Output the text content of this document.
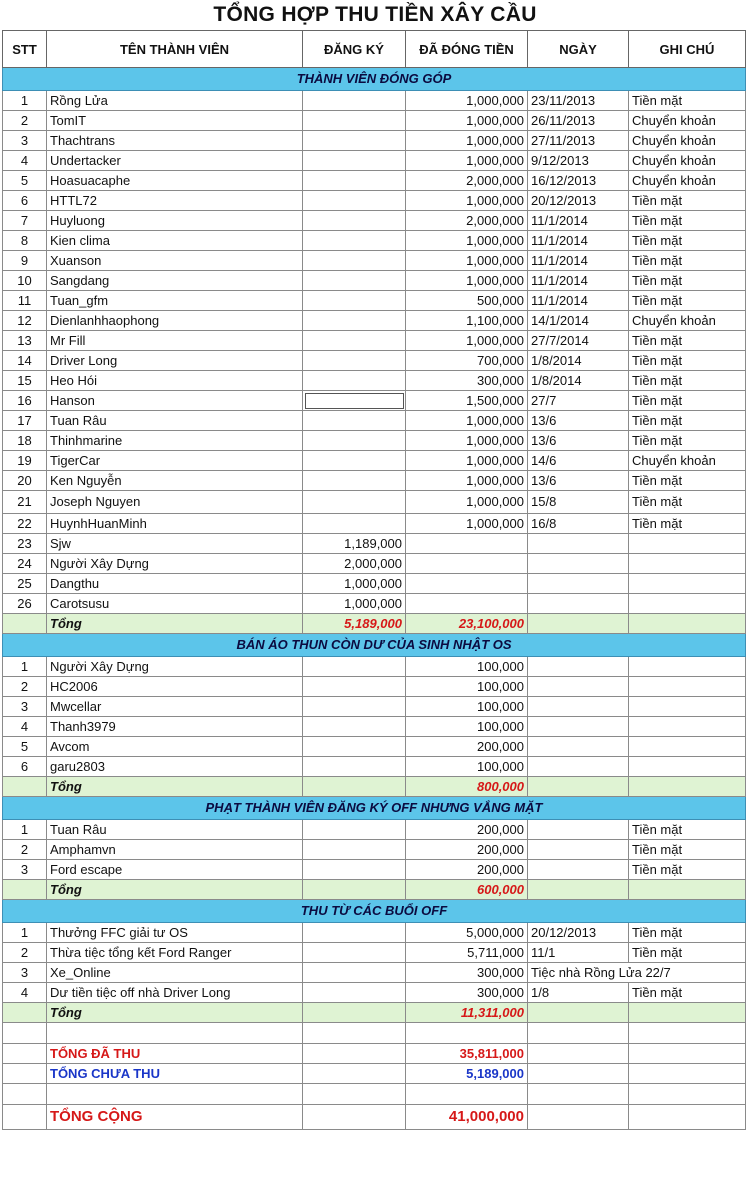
TỔNG HỢP THU TIỀN XÂY CẦU
STT	TÊN THÀNH VIÊN	ĐĂNG KÝ	ĐÃ ĐÓNG TIỀN	NGÀY	GHI CHÚ
THÀNH VIÊN ĐÓNG GÓP					
1	Rồng Lửa		1,000,000	23/11/2013	Tiền mặt
2	TomIT		1,000,000	26/11/2013	Chuyển khoản
3	Thachtrans		1,000,000	27/11/2013	Chuyển khoản
4	Undertacker		1,000,000	9/12/2013	Chuyển khoản
5	Hoasuacaphe		2,000,000	16/12/2013	Chuyển khoản
6	HTTL72		1,000,000	20/12/2013	Tiền mặt
7	Huyluong		2,000,000	11/1/2014	Tiền mặt
8	Kien clima		1,000,000	11/1/2014	Tiền mặt
9	Xuanson		1,000,000	11/1/2014	Tiền mặt
10	Sangdang		1,000,000	11/1/2014	Tiền mặt
11	Tuan_gfm		500,000	11/1/2014	Tiền mặt
12	Dienlanhhaophong		1,100,000	14/1/2014	Chuyển khoản
13	Mr Fill		1,000,000	27/7/2014	Tiền mặt
14	Driver Long		700,000	1/8/2014	Tiền mặt
15	Heo Hói		300,000	1/8/2014	Tiền mặt
16	Hanson		1,500,000	27/7	Tiền mặt
17	Tuan Râu		1,000,000	13/6	Tiền mặt
18	Thinhmarine		1,000,000	13/6	Tiền mặt
19	TigerCar		1,000,000	14/6	Chuyển khoản
20	Ken Nguyễn		1,000,000	13/6	Tiền mặt
21	Joseph Nguyen		1,000,000	15/8	Tiền mặt
22	HuynhHuanMinh		1,000,000	16/8	Tiền mặt
23	Sjw	1,189,000			
24	Người Xây Dựng	2,000,000			
25	Dangthu	1,000,000			
26	Carotsusu	1,000,000			
	Tổng	5,189,000	23,100,000		
BÁN ÁO THUN CÒN DƯ CỦA SINH NHẬT OS					
1	Người Xây Dựng		100,000		
2	HC2006		100,000		
3	Mwcellar		100,000		
4	Thanh3979		100,000		
5	Avcom		200,000		
6	garu2803		100,000		
	Tổng		800,000		
PHẠT THÀNH VIÊN ĐĂNG KÝ OFF NHƯNG VẮNG MẶT					
1	Tuan Râu		200,000		Tiền mặt
2	Amphamvn		200,000		Tiền mặt
3	Ford escape		200,000		Tiền mặt
	Tổng		600,000		
THU TỪ CÁC BUỔI OFF					
1	Thưởng FFC giải tư OS		5,000,000	20/12/2013	Tiền mặt
2	Thừa tiệc tổng kết Ford Ranger		5,711,000	11/1	Tiền mặt
3	Xe_Online		300,000	Tiệc nhà Rồng Lửa 22/7	
4	Dư tiền tiệc off nhà Driver Long		300,000	1/8	Tiền mặt
	Tổng		11,311,000		

	TỔNG ĐÃ THU		35,811,000		
	TỔNG CHƯA THU		5,189,000		

	TỔNG CỘNG		41,000,000		
